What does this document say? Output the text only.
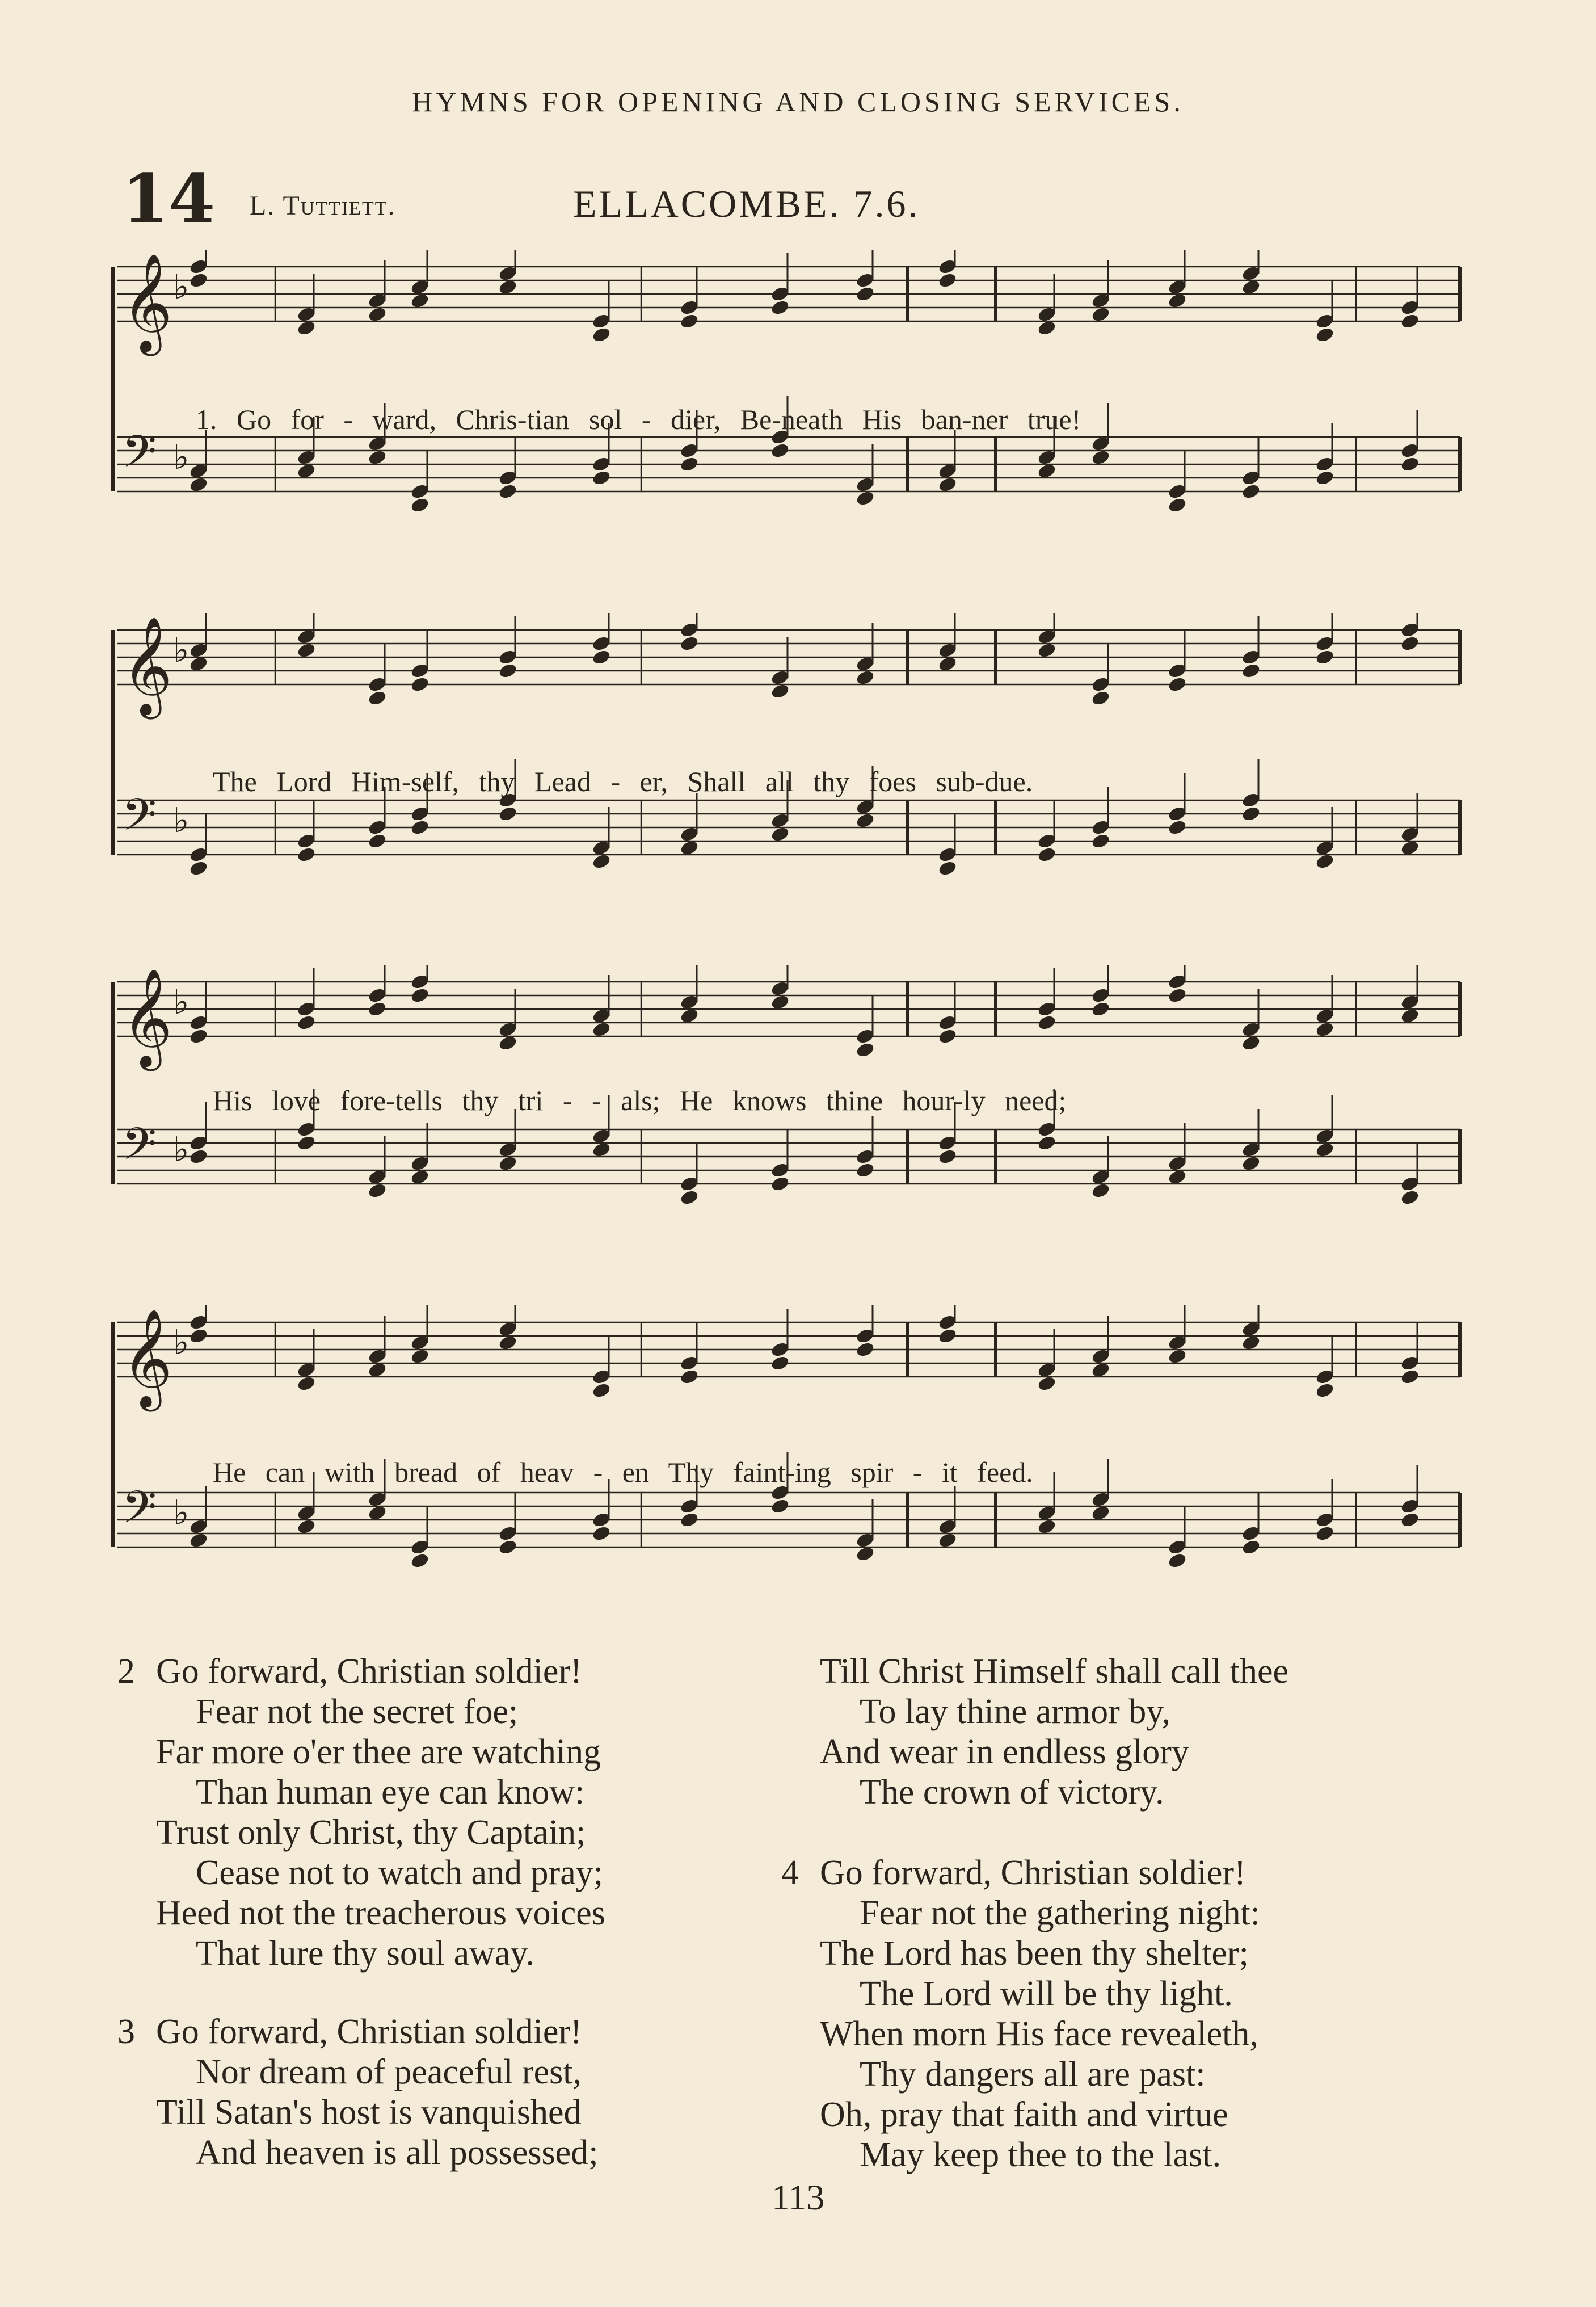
HYMNS FOR OPENING AND CLOSING SERVICES.
14 L. Tuttiett.	ELLACOMBE. 7.6.
𝄞 ♭
𝄢 ♭
1. Go for - ward, Chris-tian sol - dier, Be-neath His ban-ner true!
𝄞 ♭
𝄢 ♭
The Lord Him-self, thy Lead - er, Shall all thy foes sub-due.
𝄞 ♭
𝄢 ♭
His love fore-tells thy tri - - als; He knows thine hour-ly need;
𝄞 ♭
𝄢 ♭
He can with bread of heav - en Thy faint-ing spir - it feed.
2 Go forward, Christian soldier!
Fear not the secret foe;
Far more o'er thee are watching
Than human eye can know:
Trust only Christ, thy Captain;
Cease not to watch and pray;
Heed not the treacherous voices
That lure thy soul away.
3 Go forward, Christian soldier!
Nor dream of peaceful rest,
Till Satan's host is vanquished
And heaven is all possessed;
Till Christ Himself shall call thee
To lay thine armor by,
And wear in endless glory
The crown of victory.
4 Go forward, Christian soldier!
Fear not the gathering night:
The Lord has been thy shelter;
The Lord will be thy light.
When morn His face revealeth,
Thy dangers all are past:
Oh, pray that faith and virtue
May keep thee to the last.
113
